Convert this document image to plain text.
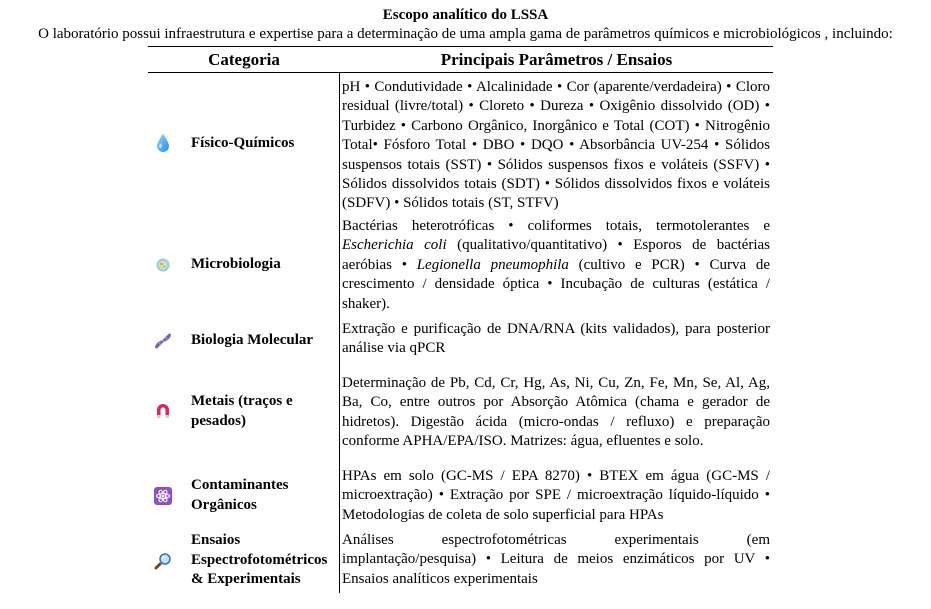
Escopo analítico do LSSA
O laboratório possui infraestrutura e expertise para a determinação de uma ampla gama de parâmetros químicos e microbiológicos , incluindo:
Categoria	Principais Parâmetros / Ensaios
Físico-Químicos
pH • Condutividade • Alcalinidade • Cor (aparente/verdadeira) • Cloro residual (livre/total) • Cloreto • Dureza • Oxigênio dissolvido (OD) • Turbidez • Carbono Orgânico, Inorgânico e Total (COT) • Nitrogênio Total• Fósforo Total • DBO • DQO • Absorbância UV-254 • Sólidos suspensos totais (SST) • Sólidos suspensos fixos e voláteis (SSFV) • Sólidos dissolvidos totais (SDT) • Sólidos dissolvidos fixos e voláteis (SDFV) • Sólidos totais (ST, STFV)
Microbiologia
Bactérias heterotróficas • coliformes totais, termotolerantes e Escherichia coli (qualitativo/quantitativo) • Esporos de bactérias aeróbias • Legionella pneumophila (cultivo e PCR) • Curva de crescimento / densidade óptica • Incubação de culturas (estática / shaker).
Biologia Molecular
Extração e purificação de DNA/RNA (kits validados), para posterior análise via qPCR
Metais (traços e pesados)
Determinação de Pb, Cd, Cr, Hg, As, Ni, Cu, Zn, Fe, Mn, Se, Al, Ag, Ba, Co, entre outros por Absorção Atômica (chama e gerador de hidretos). Digestão ácida (micro-ondas / refluxo) e preparação conforme APHA/EPA/ISO. Matrizes: água, efluentes e solo.
Contaminantes Orgânicos
HPAs em solo (GC-MS / EPA 8270) • BTEX em água (GC-MS / microextração) • Extração por SPE / microextração líquido-líquido • Metodologias de coleta de solo superficial para HPAs
Ensaios Espectrofotométricos & Experimentais
Análises espectrofotométricas experimentais (em implantação/pesquisa) • Leitura de meios enzimáticos por UV • Ensaios analíticos experimentais
